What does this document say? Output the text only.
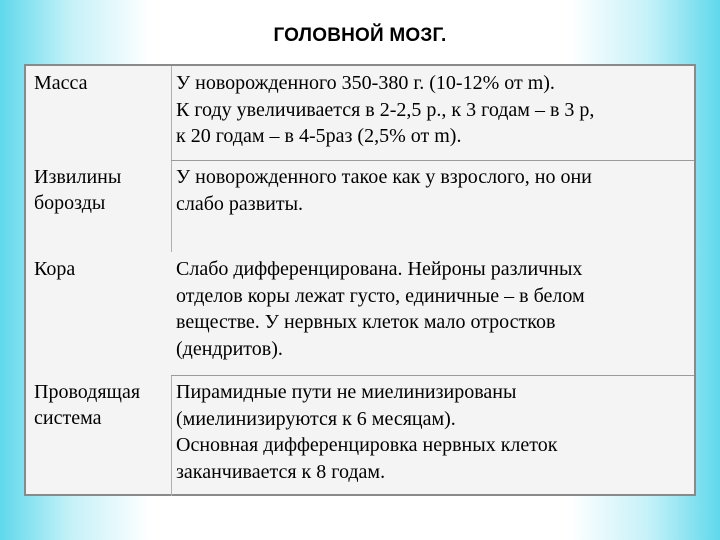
ГОЛОВНОЙ МОЗГ.
Масса	У новорожденного 350-380 г. (10-12% от m).
К году увеличивается в 2-2,5 р., к 3 годам – в 3 р,
к 20 годам – в 4-5раз (2,5% от m).
Извилины
борозды
У новорожденного такое как у взрослого, но они
слабо развиты.
Кора	Слабо дифференцирована. Нейроны различных
отделов коры лежат густо, единичные – в белом
веществе. У нервных клеток мало отростков
(дендритов).
Проводящая
система
Пирамидные пути не миелинизированы
(миелинизируются к 6 месяцам).
Основная дифференцировка нервных клеток
заканчивается к 8 годам.
